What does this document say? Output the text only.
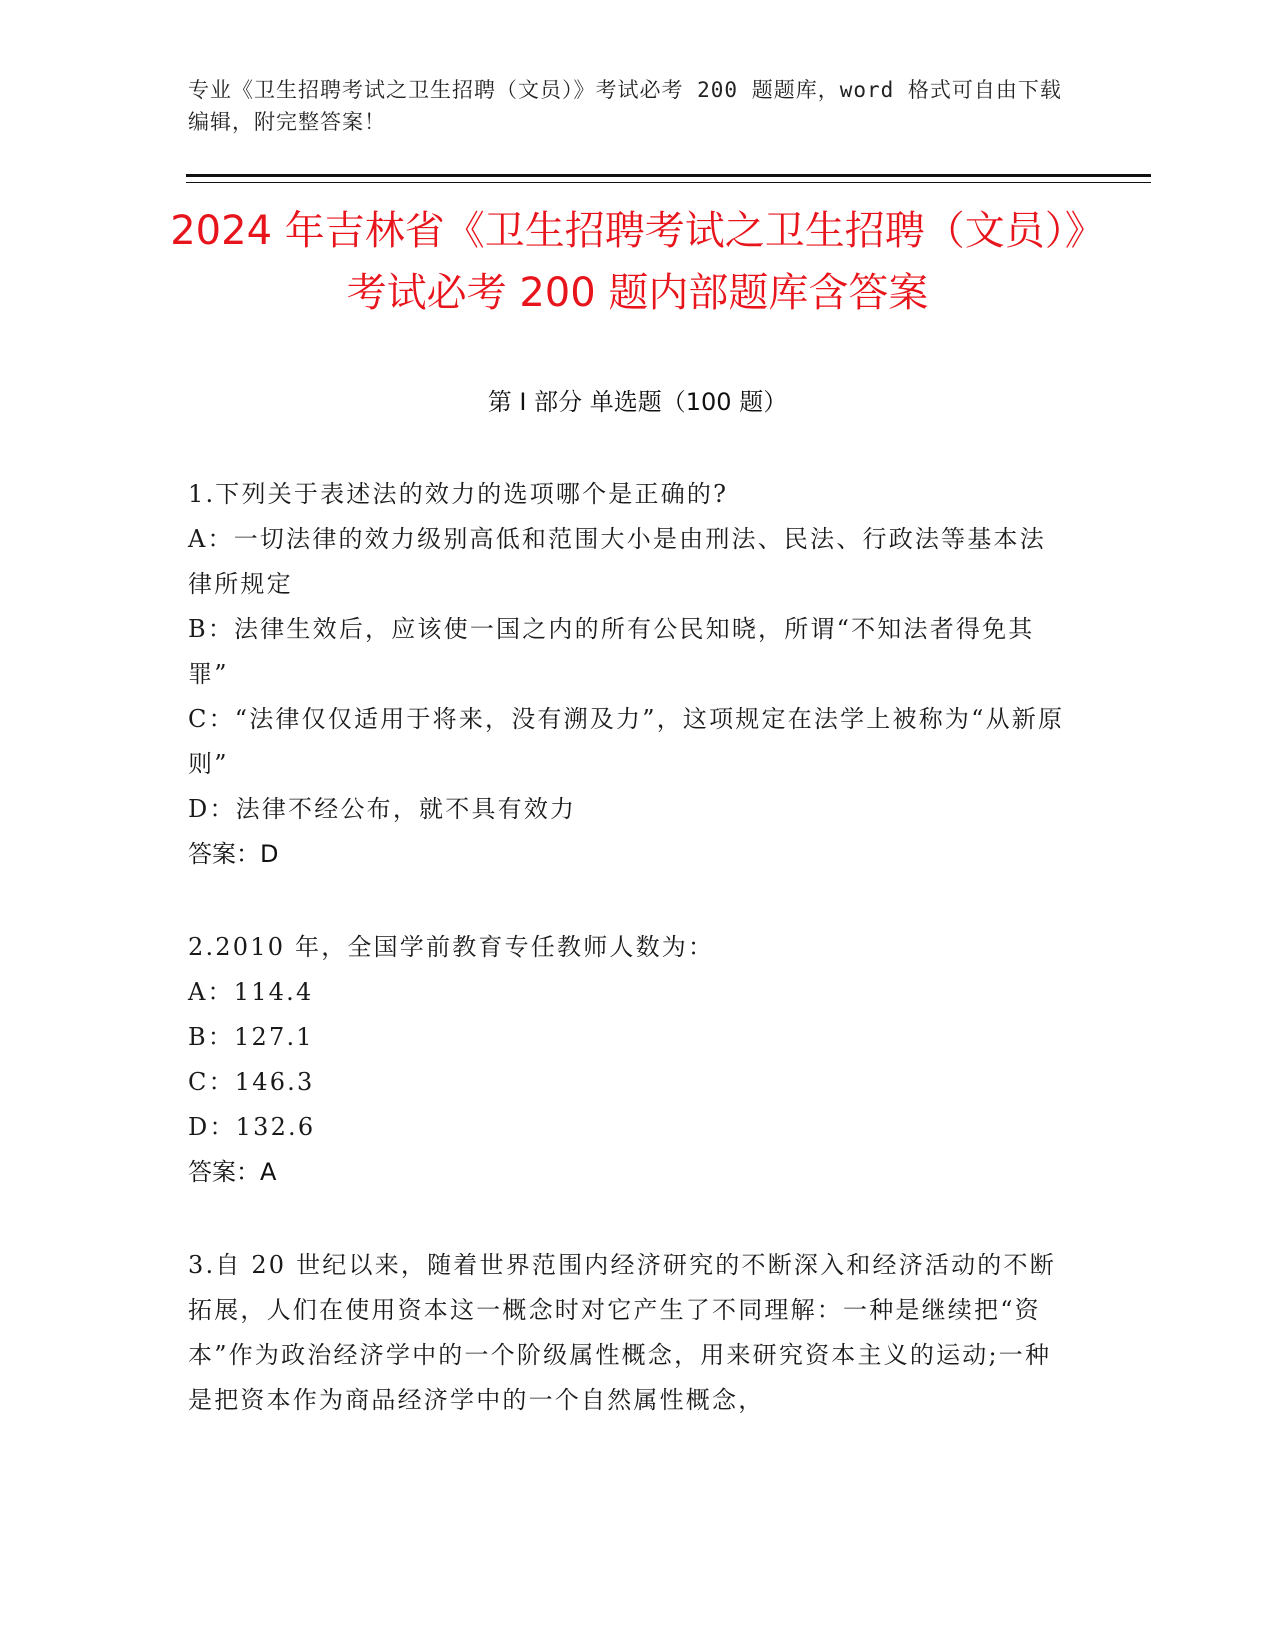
专业《卫生招聘考试之卫生招聘（文员）》考试必考 200 题题库，word 格式可自由下载编辑，附完整答案！
2024 年吉林省《卫生招聘考试之卫生招聘（文员）》考试必考 200 题内部题库含答案
第 I 部分 单选题（100 题）
1.下列关于表述法的效力的选项哪个是正确的?
A：一切法律的效力级别高低和范围大小是由刑法、民法、行政法等基本法律所规定
B：法律生效后，应该使一国之内的所有公民知晓，所谓“不知法者得免其罪”
C：“法律仅仅适用于将来，没有溯及力”，这项规定在法学上被称为“从新原则”
D：法律不经公布，就不具有效力
答案：D
2.2010 年，全国学前教育专任教师人数为：
A：114.4
B：127.1
C：146.3
D：132.6
答案：A
3.自 20 世纪以来，随着世界范围内经济研究的不断深入和经济活动的不断拓展，人们在使用资本这一概念时对它产生了不同理解：一种是继续把“资本”作为政治经济学中的一个阶级属性概念，用来研究资本主义的运动;一种是把资本作为商品经济学中的一个自然属性概念，
